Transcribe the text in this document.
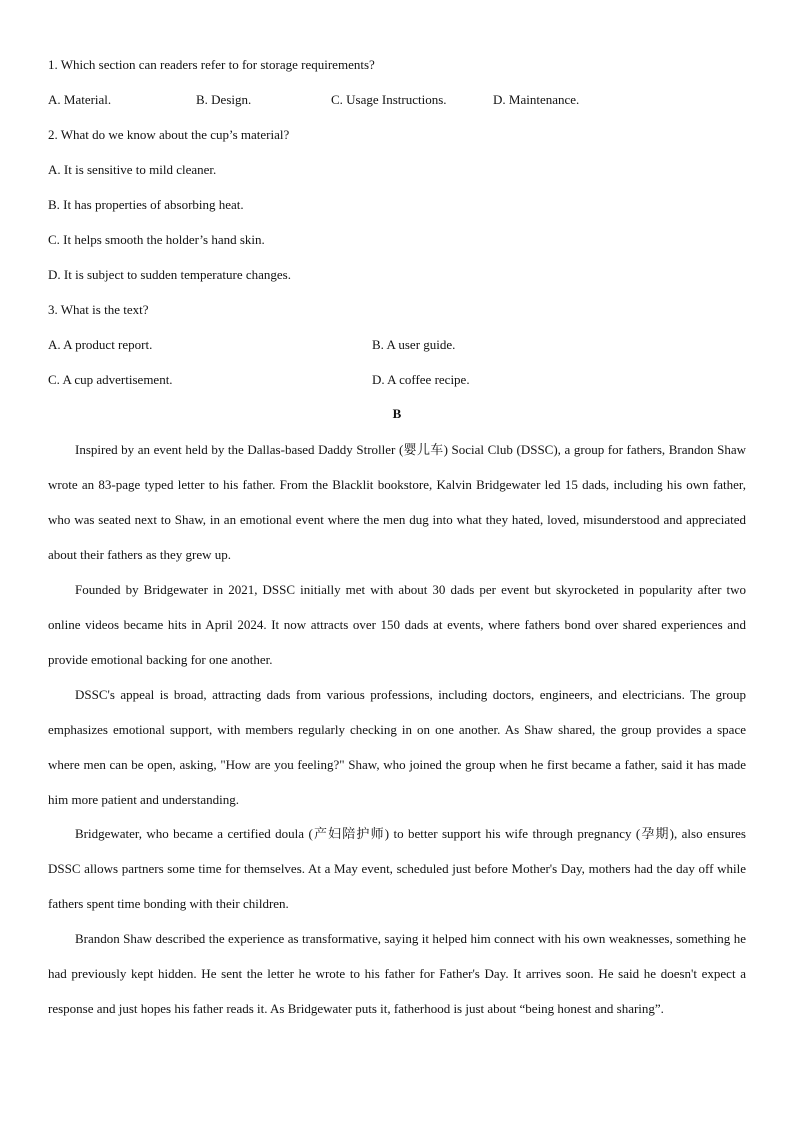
1. Which section can readers refer to for storage requirements?
A. Material.	B. Design.	C. Usage Instructions.	D. Maintenance.
2. What do we know about the cup’s material?
A. It is sensitive to mild cleaner.
B. It has properties of absorbing heat.
C. It helps smooth the holder’s hand skin.
D. It is subject to sudden temperature changes.
3. What is the text?
A. A product report.	B. A user guide.
C. A cup advertisement.	D. A coffee recipe.
B
Inspired by an event held by the Dallas-based Daddy Stroller (婴儿车) Social Club (DSSC), a group for fathers, Brandon Shaw wrote an 83-page typed letter to his father. From the Blacklit bookstore, Kalvin Bridgewater led 15 dads, including his own father, who was seated next to Shaw, in an emotional event where the men dug into what they hated, loved, misunderstood and appreciated about their fathers as they grew up.
Founded by Bridgewater in 2021, DSSC initially met with about 30 dads per event but skyrocketed in popularity after two online videos became hits in April 2024. It now attracts over 150 dads at events, where fathers bond over shared experiences and provide emotional backing for one another.
DSSC's appeal is broad, attracting dads from various professions, including doctors, engineers, and electricians. The group emphasizes emotional support, with members regularly checking in on one another. As Shaw shared, the group provides a space where men can be open, asking, "How are you feeling?" Shaw, who joined the group when he first became a father, said it has made him more patient and understanding.
Bridgewater, who became a certified doula (产妇陪护师) to better support his wife through pregnancy (孕期), also ensures DSSC allows partners some time for themselves. At a May event, scheduled just before Mother's Day, mothers had the day off while fathers spent time bonding with their children.
Brandon Shaw described the experience as transformative, saying it helped him connect with his own weaknesses, something he had previously kept hidden. He sent the letter he wrote to his father for Father's Day. It arrives soon. He said he doesn't expect a response and just hopes his father reads it. As Bridgewater puts it, fatherhood is just about “being honest and sharing”.
